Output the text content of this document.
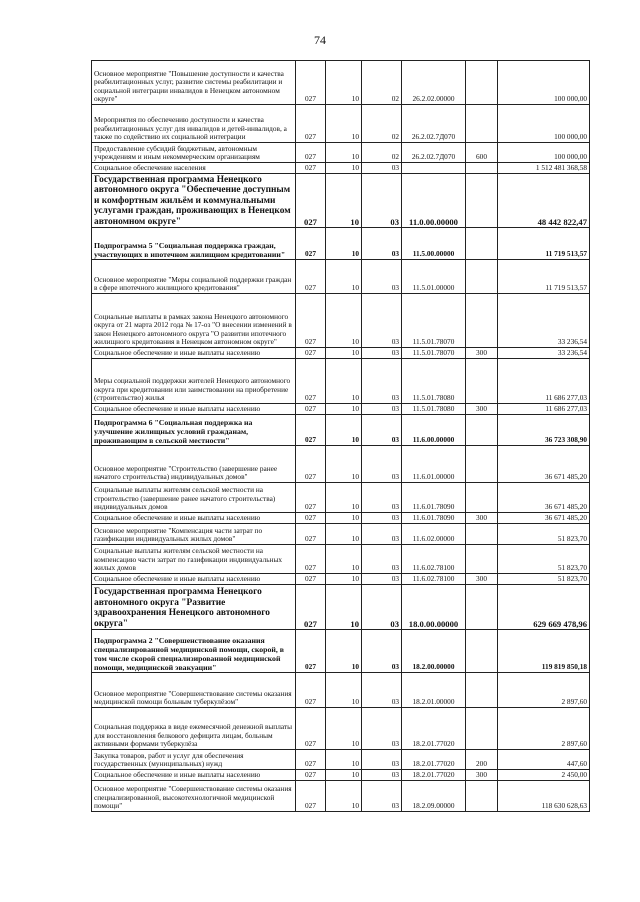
74
Основное мероприятие "Повышение доступности и качества реабилитационных услуг, развитие системы реабилитации и социальной интеграции инвалидов в Ненецком автономном округе"	027	10	02	26.2.02.00000		100 000,00
Мероприятия по обеспечению доступности и качества реабилитационных услуг для инвалидов и детей-инвалидов, а также по содействию их социальной интеграции	027	10	02	26.2.02.7Д070		100 000,00
Предоставление субсидий бюджетным, автономным учреждениям и иным некоммерческим организациям	027	10	02	26.2.02.7Д070	600	100 000,00
Социальное обеспечение населения	027	10	03			1 512 481 368,58
Государственная программа Ненецкого автономного округа "Обеспечение доступным и комфортным жильём и коммунальными услугами граждан, проживающих в Ненецком автономном округе"	027	10	03	11.0.00.00000		48 442 822,47
Подпрограмма 5 "Социальная поддержка граждан, участвующих в ипотечном жилищном кредитовании"	027	10	03	11.5.00.00000		11 719 513,57
Основное мероприятие "Меры социальной поддержки граждан в сфере ипотечного жилищного кредитования"	027	10	03	11.5.01.00000		11 719 513,57
Социальные выплаты в рамках закона Ненецкого автономного округа от 21 марта 2012 года № 17-оз "О внесении изменений в закон Ненецкого автономного округа "О развитии ипотечного жилищного кредитования в Ненецком автономном округе"	027	10	03	11.5.01.78070		33 236,54
Социальное обеспечение и иные выплаты населению	027	10	03	11.5.01.78070	300	33 236,54
Меры социальной поддержки жителей Ненецкого автономного округа при кредитовании или заимствовании на приобретение (строительство) жилья	027	10	03	11.5.01.78080		11 686 277,03
Социальное обеспечение и иные выплаты населению	027	10	03	11.5.01.78080	300	11 686 277,03
Подпрограмма 6 "Социальная поддержка на улучшение жилищных условий гражданам, проживающим в сельской местности"	027	10	03	11.6.00.00000		36 723 308,90
Основное мероприятие "Строительство (завершение ранее начатого строительства) индивидуальных домов"	027	10	03	11.6.01.00000		36 671 485,20
Социальные выплаты жителям сельской местности на строительство (завершение ранее начатого строительства) индивидуальных домов	027	10	03	11.6.01.78090		36 671 485,20
Социальное обеспечение и иные выплаты населению	027	10	03	11.6.01.78090	300	36 671 485,20
Основное мероприятие "Компенсация части затрат по газификации индивидуальных жилых домов"	027	10	03	11.6.02.00000		51 823,70
Социальные выплаты жителям сельской местности на компенсацию части затрат по газификации индивидуальных жилых домов	027	10	03	11.6.02.78100		51 823,70
Социальное обеспечение и иные выплаты населению	027	10	03	11.6.02.78100	300	51 823,70
Государственная программа Ненецкого автономного округа "Развитие здравоохранения Ненецкого автономного округа"	027	10	03	18.0.00.00000		629 669 478,96
Подпрограмма 2 "Совершенствование оказания специализированной медицинской помощи, скорой, в том числе скорой специализированной медицинской помощи, медицинской эвакуации"	027	10	03	18.2.00.00000		119 819 850,18
Основное мероприятие "Совершенствование системы оказания медицинской помощи больным туберкулёзом"	027	10	03	18.2.01.00000		2 897,60
Социальная поддержка в виде ежемесячной денежной выплаты для восстановления белкового дефицита лицам, больным активными формами туберкулёза	027	10	03	18.2.01.77020		2 897,60
Закупка товаров, работ и услуг для обеспечения государственных (муниципальных) нужд	027	10	03	18.2.01.77020	200	447,60
Социальное обеспечение и иные выплаты населению	027	10	03	18.2.01.77020	300	2 450,00
Основное мероприятие "Совершенствование системы оказания специализированной, высокотехнологичной медицинской помощи"	027	10	03	18.2.09.00000		118 630 628,63
